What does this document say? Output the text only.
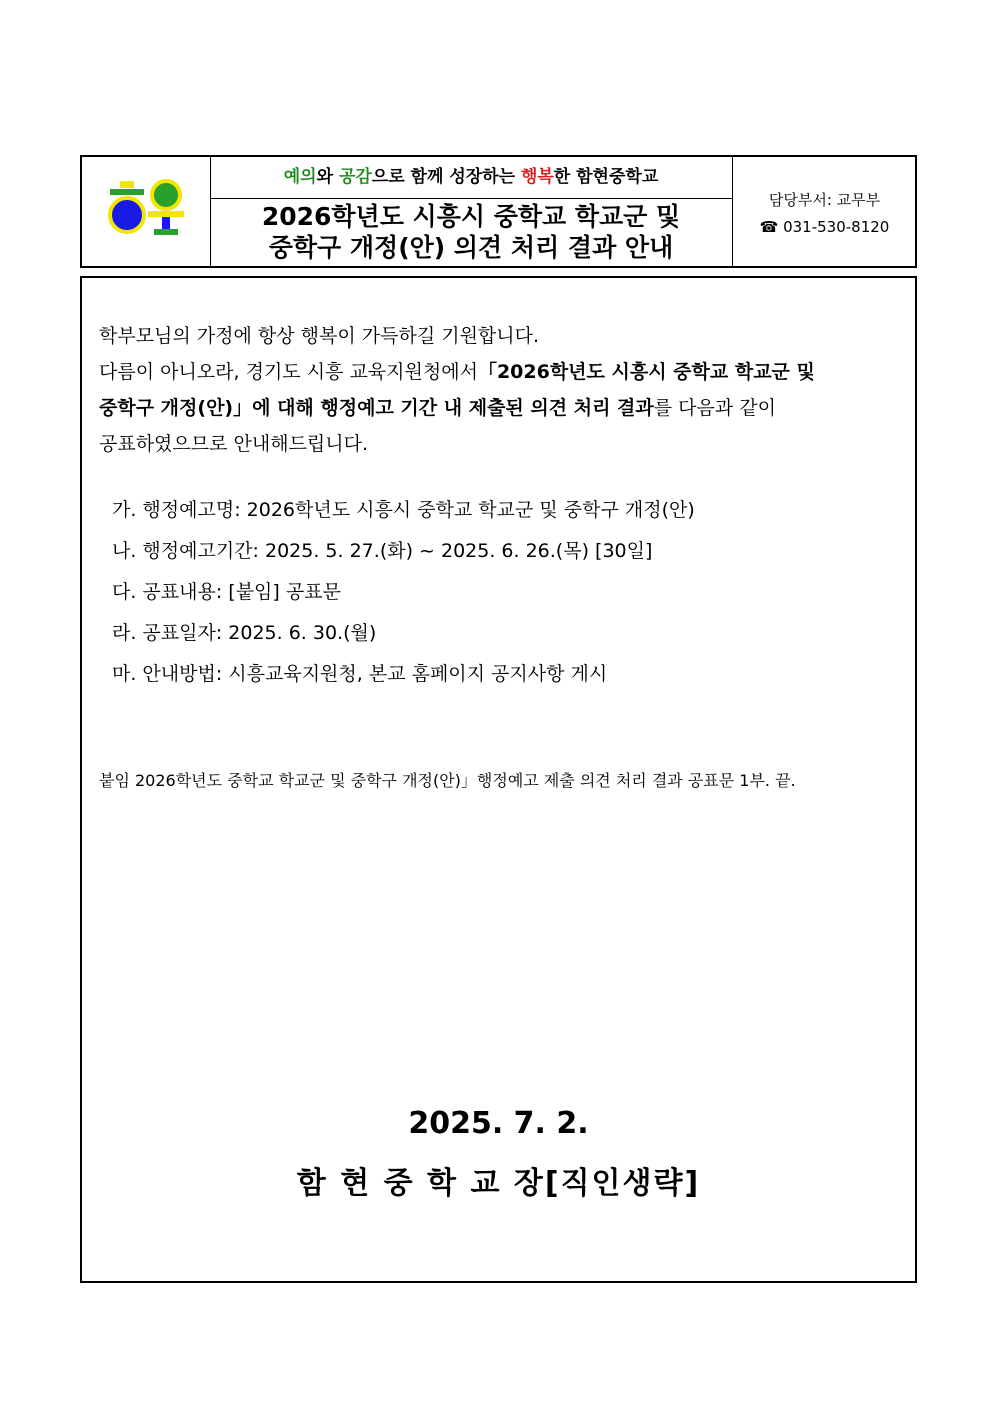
예의와 공감으로 함께 성장하는 행복한 함현중학교
2026학년도 시흥시 중학교 학교군 및
중학구 개정(안) 의견 처리 결과 안내
담당부서: 교무부
☎ 031-530-8120
학부모님의 가정에 항상 행복이 가득하길 기원합니다.
다름이 아니오라, 경기도 시흥 교육지원청에서「2026학년도 시흥시 중학교 학교군 및
중학구 개정(안)」에 대해 행정예고 기간 내 제출된 의견 처리 결과를 다음과 같이
공표하였으므로 안내해드립니다.
가. 행정예고명: 2026학년도 시흥시 중학교 학교군 및 중학구 개정(안)
나. 행정예고기간: 2025. 5. 27.(화) ~ 2025. 6. 26.(목) [30일]
다. 공표내용: [붙임] 공표문
라. 공표일자: 2025. 6. 30.(월)
마. 안내방법: 시흥교육지원청, 본교 홈페이지 공지사항 게시
붙임 2026학년도 중학교 학교군 및 중학구 개정(안)」행정예고 제출 의견 처리 결과 공표문 1부. 끝.
2025. 7. 2.
함 현 중 학 교 장[직인생략]
